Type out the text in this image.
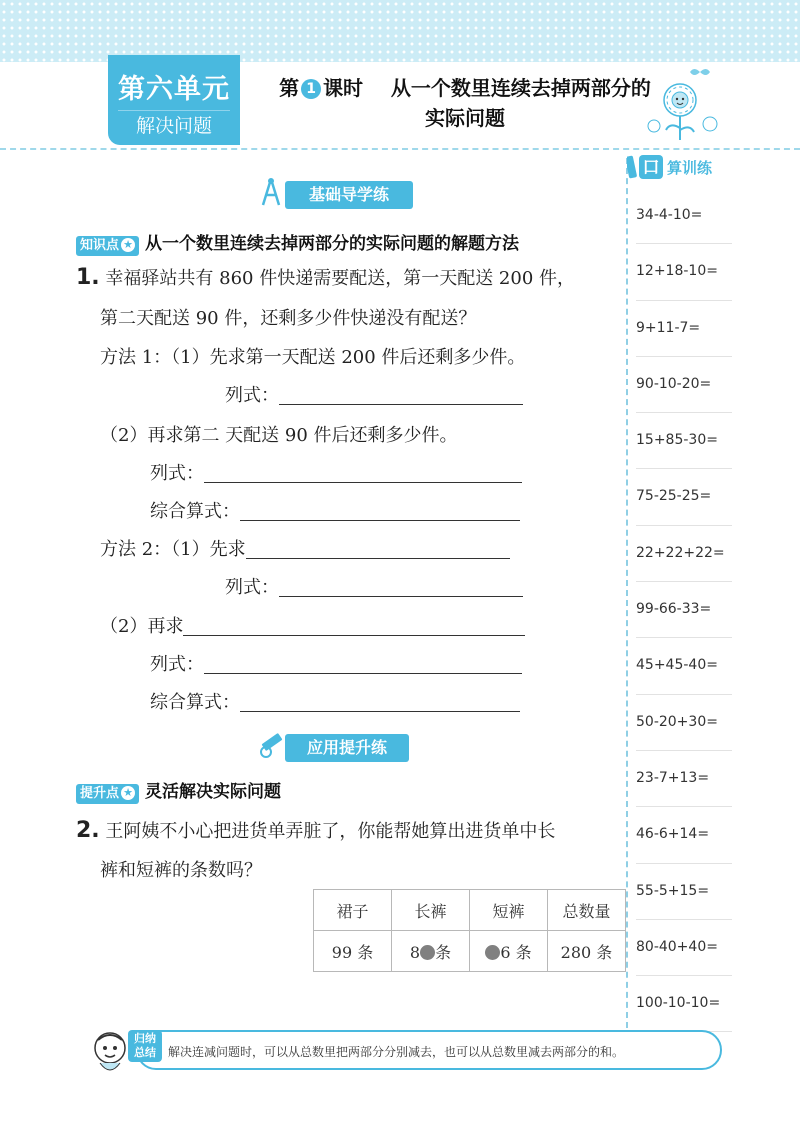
第六单元
解决问题
第 1 课时 从一个数里连续去掉两部分的
实际问题
口 算训练
34-4-10=
12+18-10=
9+11-7=
90-10-20=
15+85-30=
75-25-25=
22+22+22=
99-66-33=
45+45-40=
50-20+30=
23-7+13=
46-6+14=
55-5+15=
80-40+40=
100-10-10=
基础导学练
知识点 ★ 从一个数里连续去掉两部分的实际问题的解题方法
1. 幸福驿站共有 860 件快递需要配送，第一天配送 200 件，
第二天配送 90 件，还剩多少件快递没有配送？
方法 1：（1）先求第一天配送 200 件后还剩多少件。
列式：
（2）再求第二 天配送 90 件后还剩多少件。
列式：
综合算式：
方法 2：（1）先求
列式：
（2）再求
列式：
综合算式：
应用提升练
提升点 ★ 灵活解决实际问题
2. 王阿姨不小心把进货单弄脏了，你能帮她算出进货单中长
裤和短裤的条数吗？
裙子	长裤	短裤	总数量
99 条	8 条	6 条	280 条
解决连减问题时，可以从总数里把两部分分别减去，也可以从总数里减去两部分的和。
归纳
总结
